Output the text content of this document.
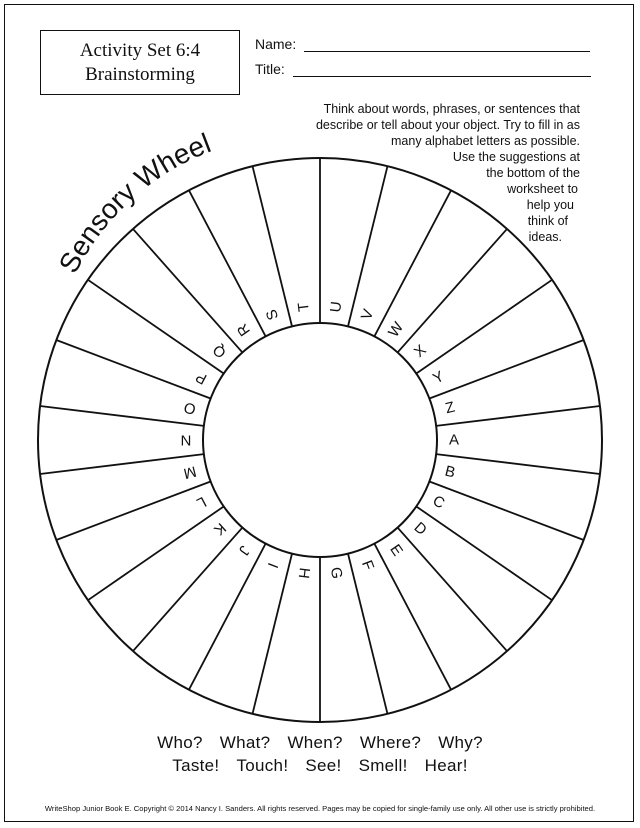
Activity Set 6:4
Brainstorming
Name:
Title:
Think about words, phrases, or sentences that
describe or tell about your object. Try to fill in as
many alphabet letters as possible.
Use the suggestions at
the bottom of the
worksheet to
help you
think of
ideas.
Sensory Wheel
A
B
C
D
E
F
G
H
I
J
K
L
M
N
O
P
Q
R
S
T U
V
W
X
Y
Z
Who? What? When? Where? Why?
Taste! Touch! See! Smell! Hear!
WriteShop Junior Book E. Copyright © 2014 Nancy I. Sanders. All rights reserved. Pages may be copied for single-family use only. All other use is strictly prohibited.
